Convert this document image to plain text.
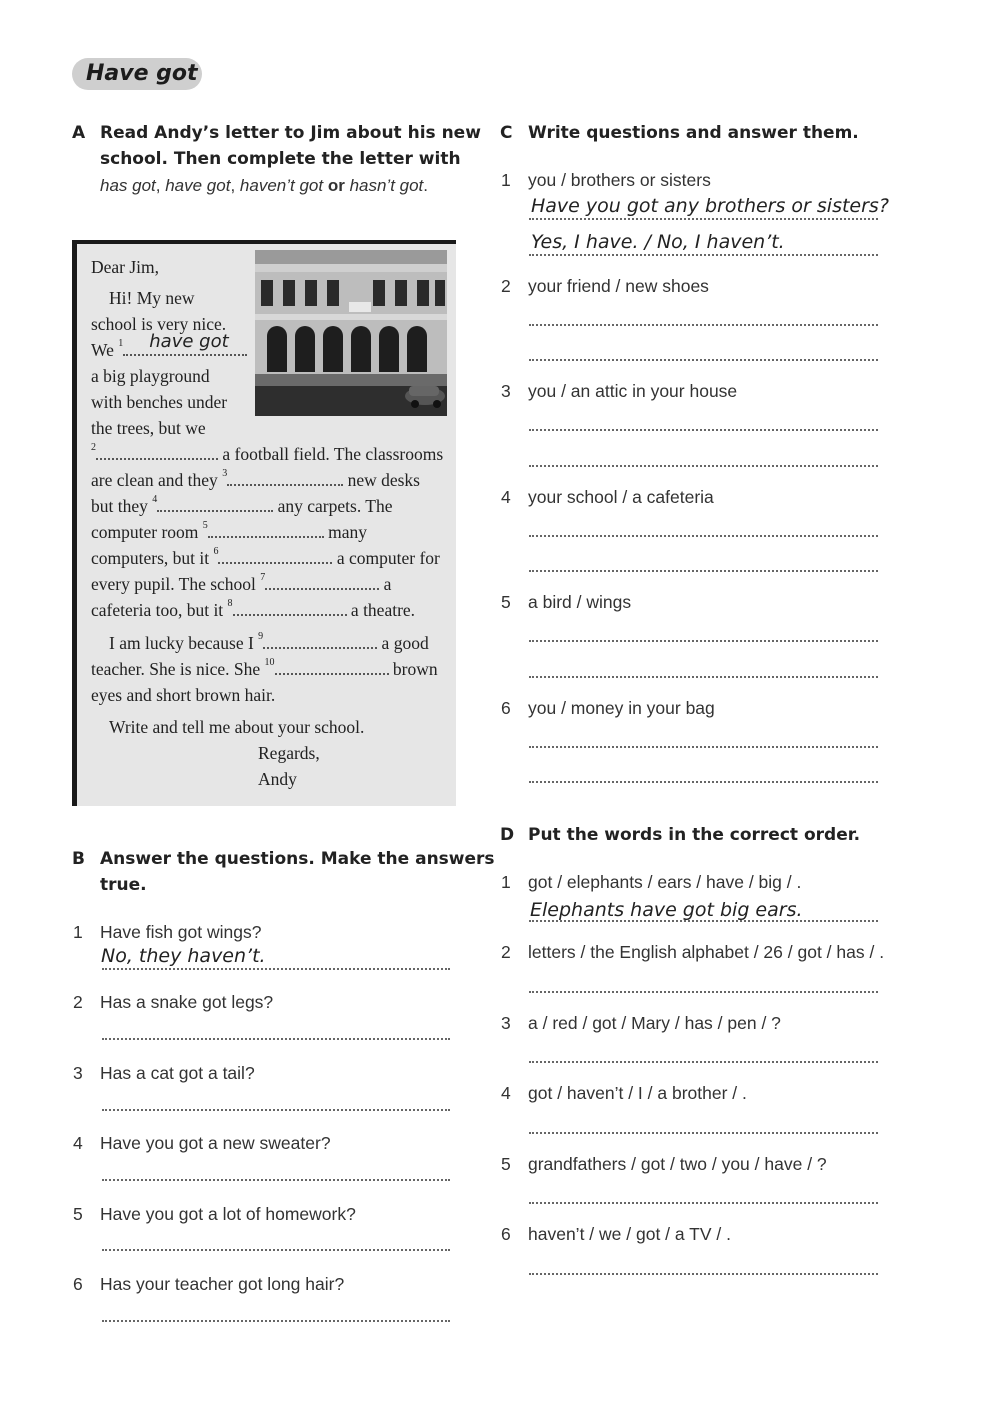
Have got
A Read Andy’s letter to Jim about his new
school. Then complete the letter with
has got, have got, haven’t got or hasn’t got.
Dear Jim,
Hi! My new
school is very nice.
We $^1$ have got
a big playground
with benches under
the trees, but we
$^2$	a football field. The classrooms
are clean and they $^3$	new desks
but they $^4$	any carpets. The
computer room $^5$	many
computers, but it $^6$	a computer for
every pupil. The school $^7$	a
cafeteria too, but it $^8$	a theatre.
I am lucky because I $^9$	a good
teacher. She is nice. She $^{10}$	brown
eyes and short brown hair.
Write and tell me about your school.
Regards,
Andy
B Answer the questions. Make the answers
true.
1 Have fish got wings?
No, they haven’t.
2 Has a snake got legs?
3 Has a cat got a tail?
4 Have you got a new sweater?
5 Have you got a lot of homework?
6 Has your teacher got long hair?
C Write questions and answer them.
1 you / brothers or sisters
Have you got any brothers or sisters?
Yes, I have. / No, I haven’t.
2 your friend / new shoes
3 you / an attic in your house
4 your school / a cafeteria
5 a bird / wings
6 you / money in your bag
D Put the words in the correct order.
1 got / elephants / ears / have / big / .
Elephants have got big ears.
2 letters / the English alphabet / 26 / got / has / .
3 a / red / got / Mary / has / pen / ?
4 got / haven’t / I / a brother / .
5 grandfathers / got / two / you / have / ?
6 haven’t / we / got / a TV / .
